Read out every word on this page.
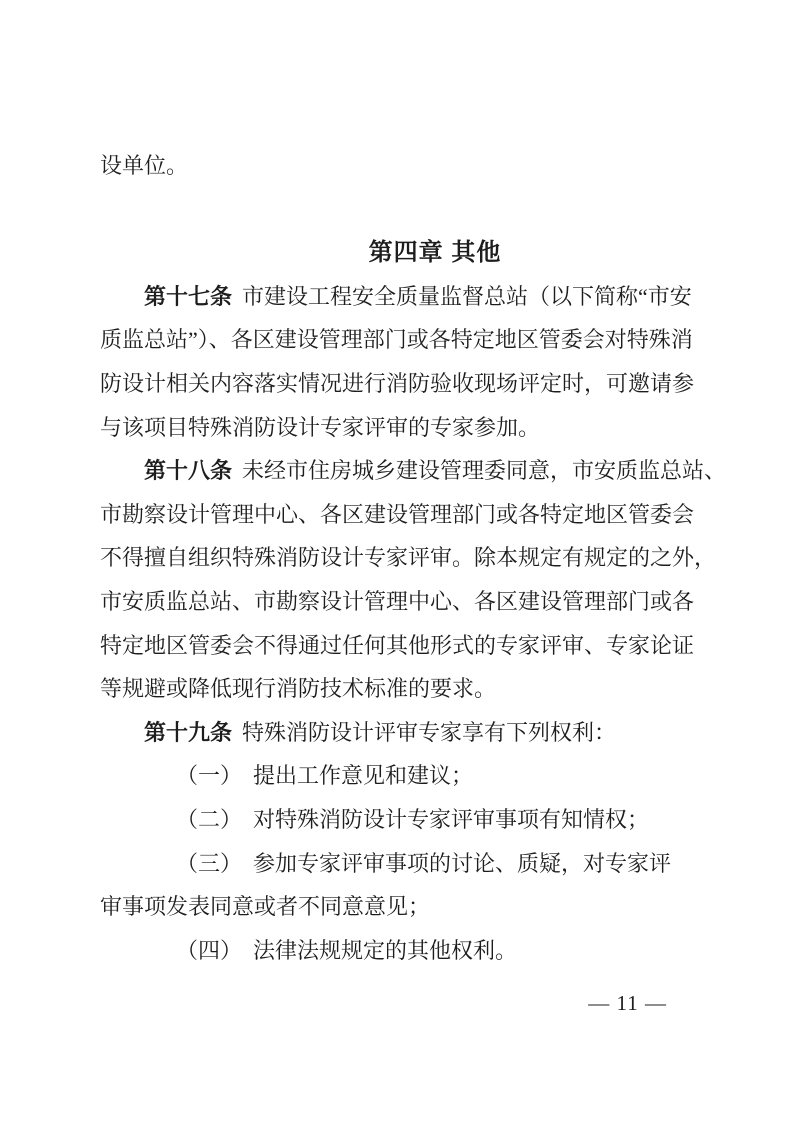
设单位。
第四章 其他
第十七条 市建设工程安全质量监督总站（以下简称“市安
质监总站”）、各区建设管理部门或各特定地区管委会对特殊消
防设计相关内容落实情况进行消防验收现场评定时，可邀请参
与该项目特殊消防设计专家评审的专家参加。
第十八条 未经市住房城乡建设管理委同意，市安质监总站、
市勘察设计管理中心、各区建设管理部门或各特定地区管委会
不得擅自组织特殊消防设计专家评审。除本规定有规定的之外，
市安质监总站、市勘察设计管理中心、各区建设管理部门或各
特定地区管委会不得通过任何其他形式的专家评审、专家论证
等规避或降低现行消防技术标准的要求。
第十九条 特殊消防设计评审专家享有下列权利：
（一）　提出工作意见和建议；
（二）　对特殊消防设计专家评审事项有知情权；
（三）　参加专家评审事项的讨论、质疑，对专家评
审事项发表同意或者不同意意见；
（四）　法律法规规定的其他权利。
— 11 —
